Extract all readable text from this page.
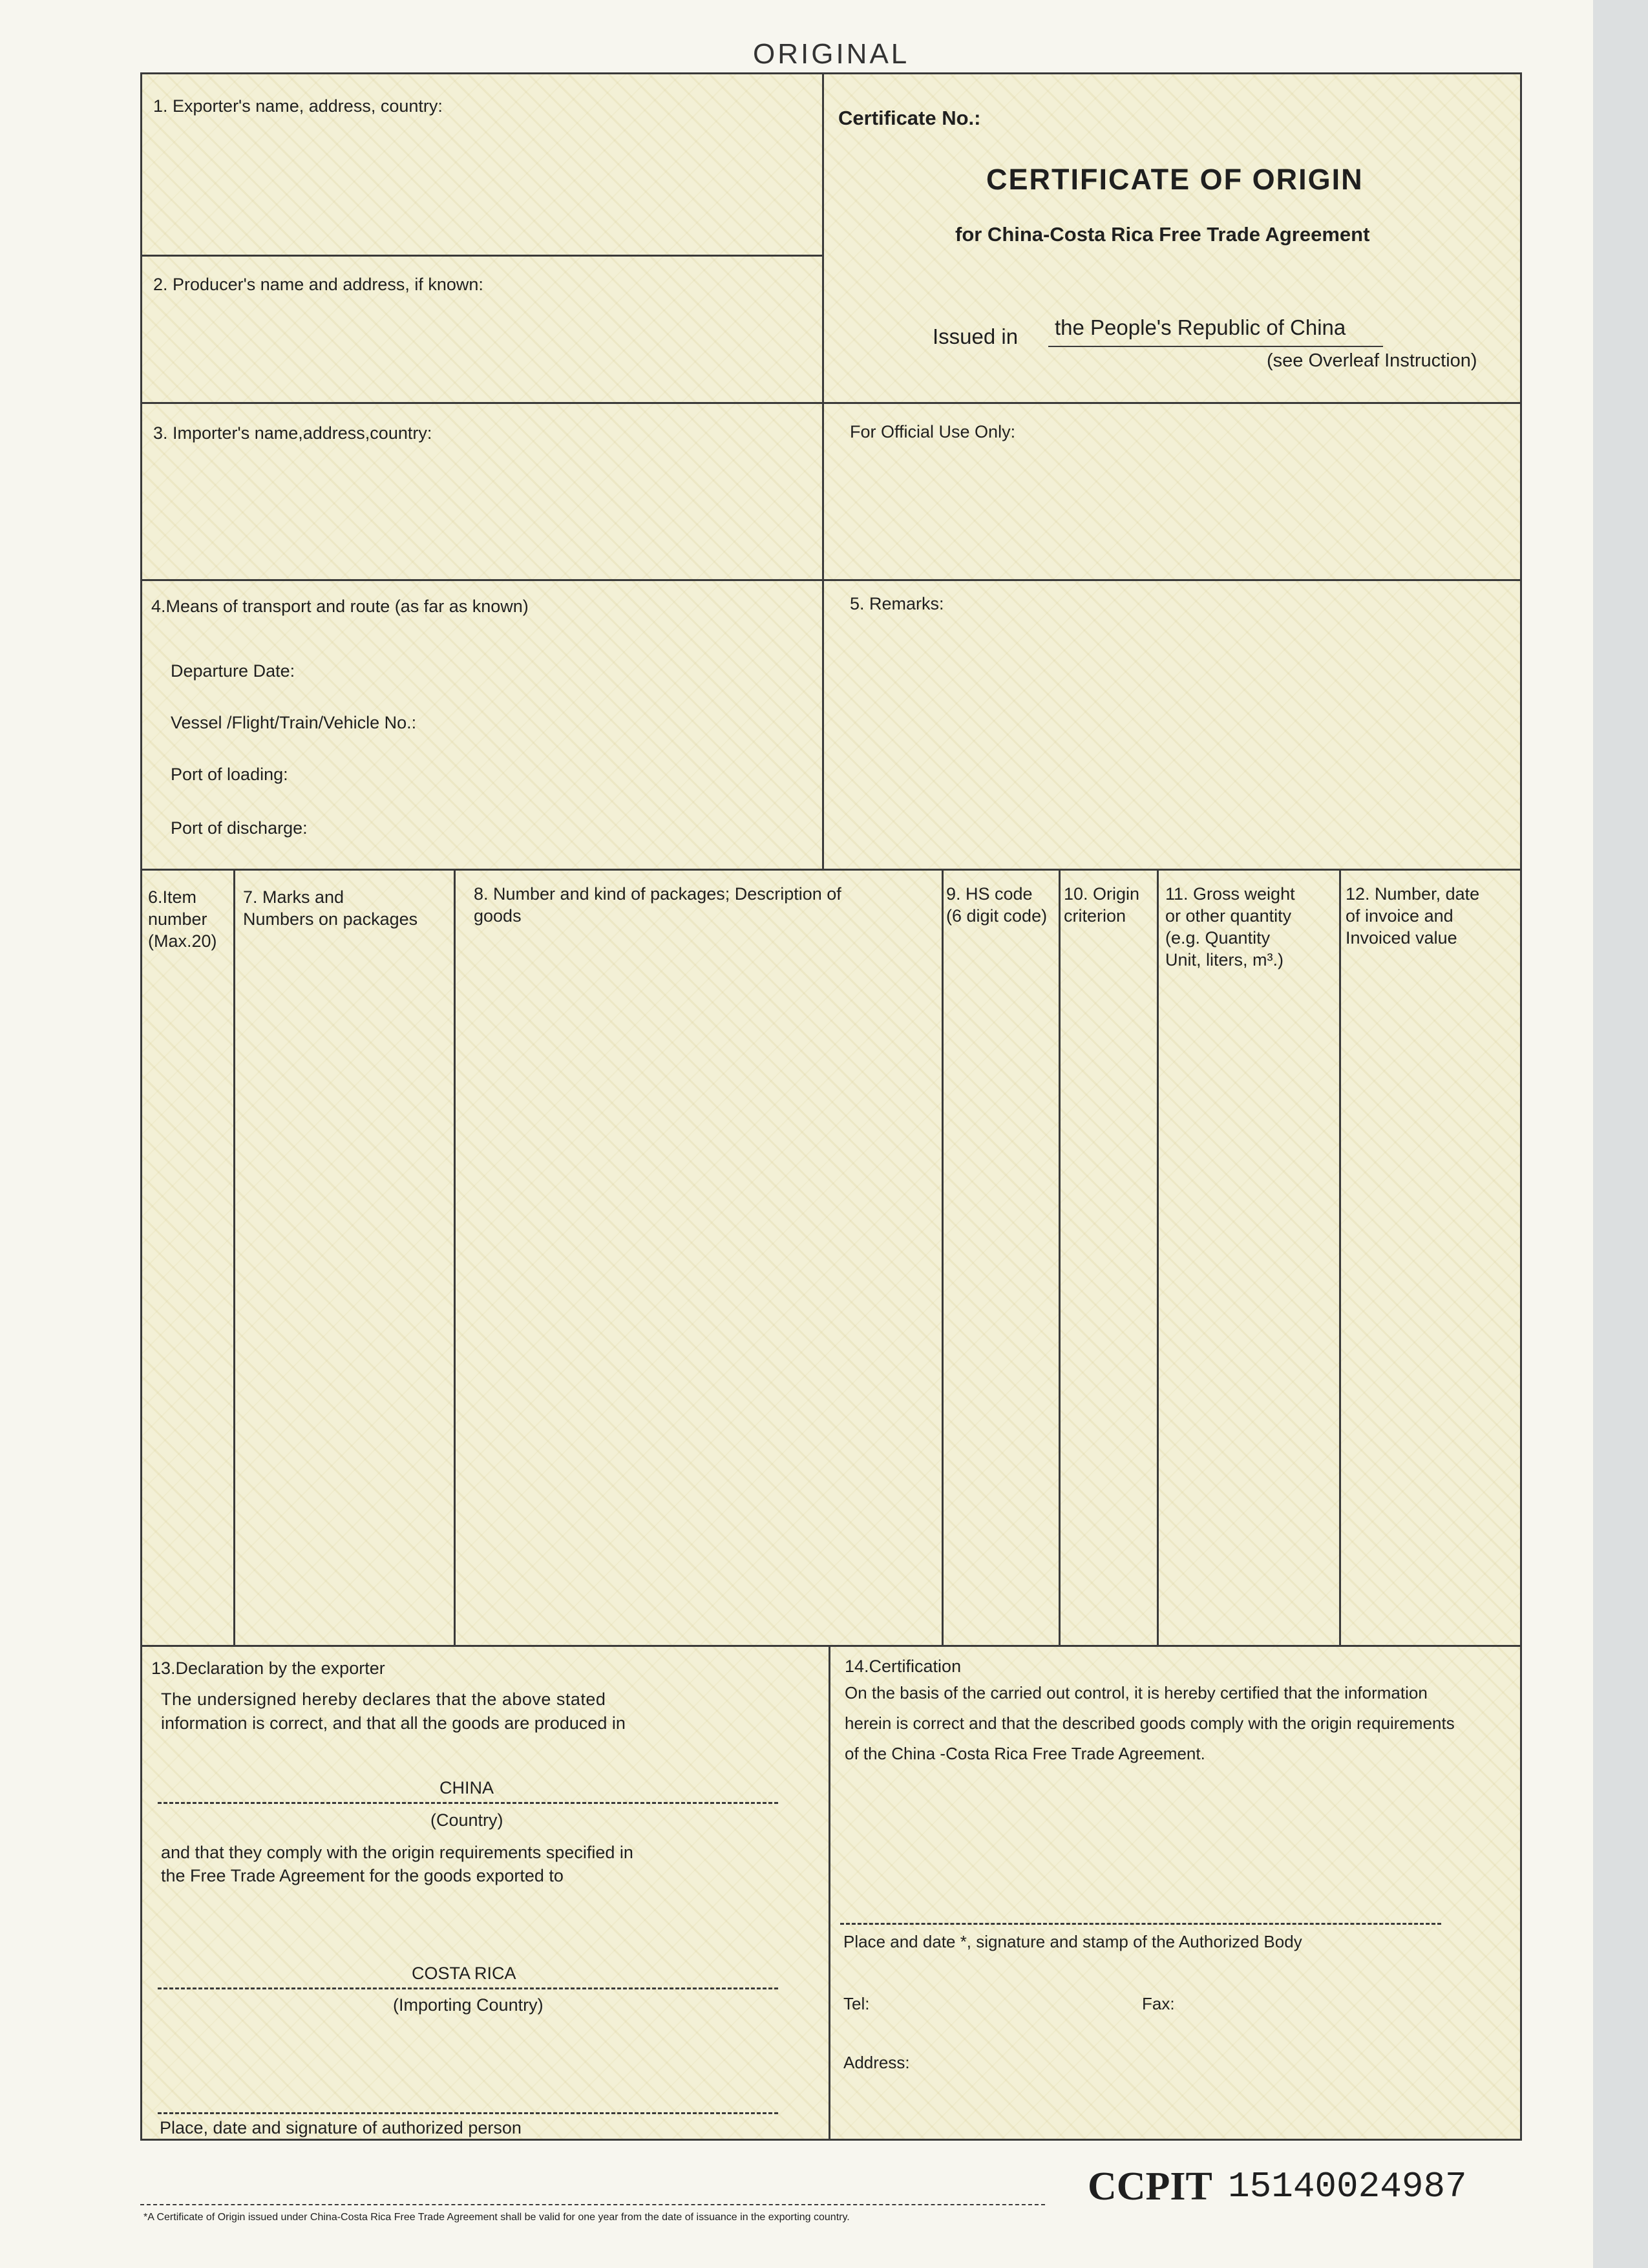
ORIGINAL
1. Exporter's name, address, country:
2. Producer's name and address, if known:
3. Importer's name,address,country:
Certificate No.:
CERTIFICATE OF ORIGIN
for China-Costa Rica Free Trade Agreement
Issued in the People's Republic of China
(see Overleaf Instruction)
For Official Use Only:
4.Means of transport and route (as far as known)
Departure Date:
Vessel /Flight/Train/Vehicle No.:
Port of loading:
Port of discharge:
5. Remarks:
6.Item
number
(Max.20)
7. Marks and
Numbers on packages
8. Number and kind of packages; Description of
goods
9. HS code
(6 digit code)
10. Origin
criterion
11. Gross weight
or other quantity
(e.g. Quantity
Unit, liters, m³.)
12. Number, date
of invoice and
Invoiced value
13.Declaration by the exporter
The undersigned hereby declares that the above stated
information is correct, and that all the goods are produced in
CHINA
(Country)
and that they comply with the origin requirements specified in
the Free Trade Agreement for the goods exported to
COSTA RICA
(Importing Country)
Place, date and signature of authorized person
14.Certification
On the basis of the carried out control, it is hereby certified that the information
herein is correct and that the described goods comply with the origin requirements
of the China -Costa Rica Free Trade Agreement.
Place and date *, signature and stamp of the Authorized Body
Tel:	Fax:
Address:
CCPIT 15140024987
*A Certificate of Origin issued under China-Costa Rica Free Trade Agreement shall be valid for one year from the date of issuance in the exporting country.
